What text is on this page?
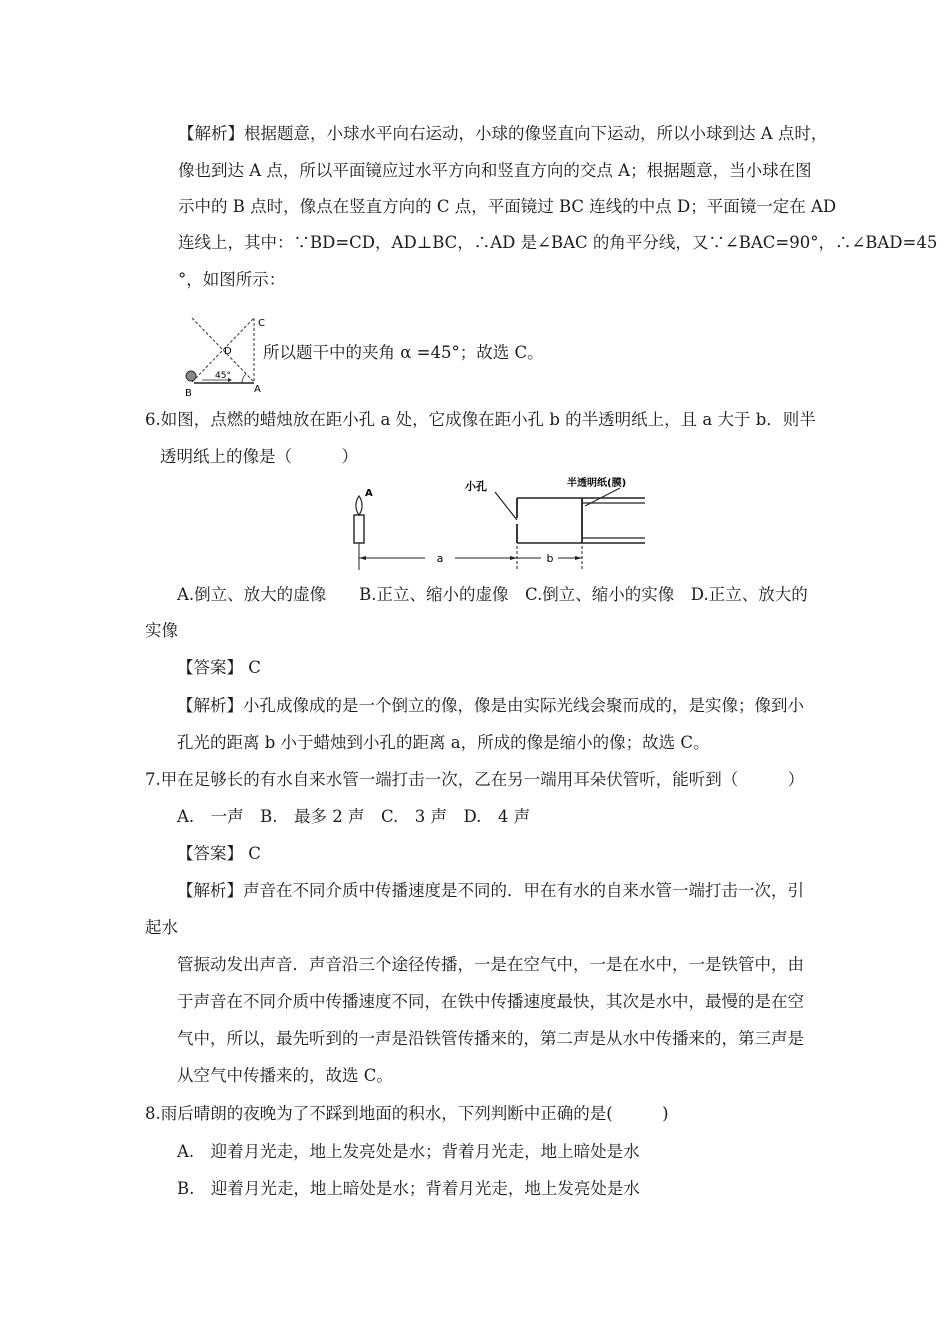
【解析】根据题意，小球水平向右运动，小球的像竖直向下运动，所以小球到达 A 点时，
像也到达 A 点，所以平面镜应过水平方向和竖直方向的交点 A；根据题意，当小球在图
示中的 B 点时，像点在竖直方向的 C 点，平面镜过 BC 连线的中点 D；平面镜一定在 AD
连线上，其中：∵BD=CD，AD⊥BC，∴AD 是∠BAC 的角平分线，又∵∠BAC=90°，∴∠BAD=45
°，如图所示：
C
D
45°
B	A
所以题干中的夹角 α =45°；故选 C。
6.如图，点燃的蜡烛放在距小孔 a 处，它成像在距小孔 b 的半透明纸上，且 a 大于 b．则半
透明纸上的像是（　　　）
A
小孔	半透明纸(膜)
a	b
A.倒立、放大的虚像　　B.正立、缩小的虚像　C.倒立、缩小的实像　D.正立、放大的
实像
【答案】 C
【解析】小孔成像成的是一个倒立的像，像是由实际光线会聚而成的，是实像；像到小
孔光的距离 b 小于蜡烛到小孔的距离 a，所成的像是缩小的像；故选 C。
7.甲在足够长的有水自来水管一端打击一次，乙在另一端用耳朵伏管听，能听到（　　　）
A.　一声　B.　最多 2 声　C.　3 声　D.　4 声
【答案】 C
【解析】声音在不同介质中传播速度是不同的．甲在有水的自来水管一端打击一次，引
起水
管振动发出声音．声音沿三个途径传播，一是在空气中，一是在水中，一是铁管中，由
于声音在不同介质中传播速度不同，在铁中传播速度最快，其次是水中，最慢的是在空
气中，所以，最先听到的一声是沿铁管传播来的，第二声是从水中传播来的，第三声是
从空气中传播来的，故选 C。
8.雨后晴朗的夜晚为了不踩到地面的积水，下列判断中正确的是(　　　)
A.　迎着月光走，地上发亮处是水；背着月光走，地上暗处是水
B.　迎着月光走，地上暗处是水；背着月光走，地上发亮处是水
